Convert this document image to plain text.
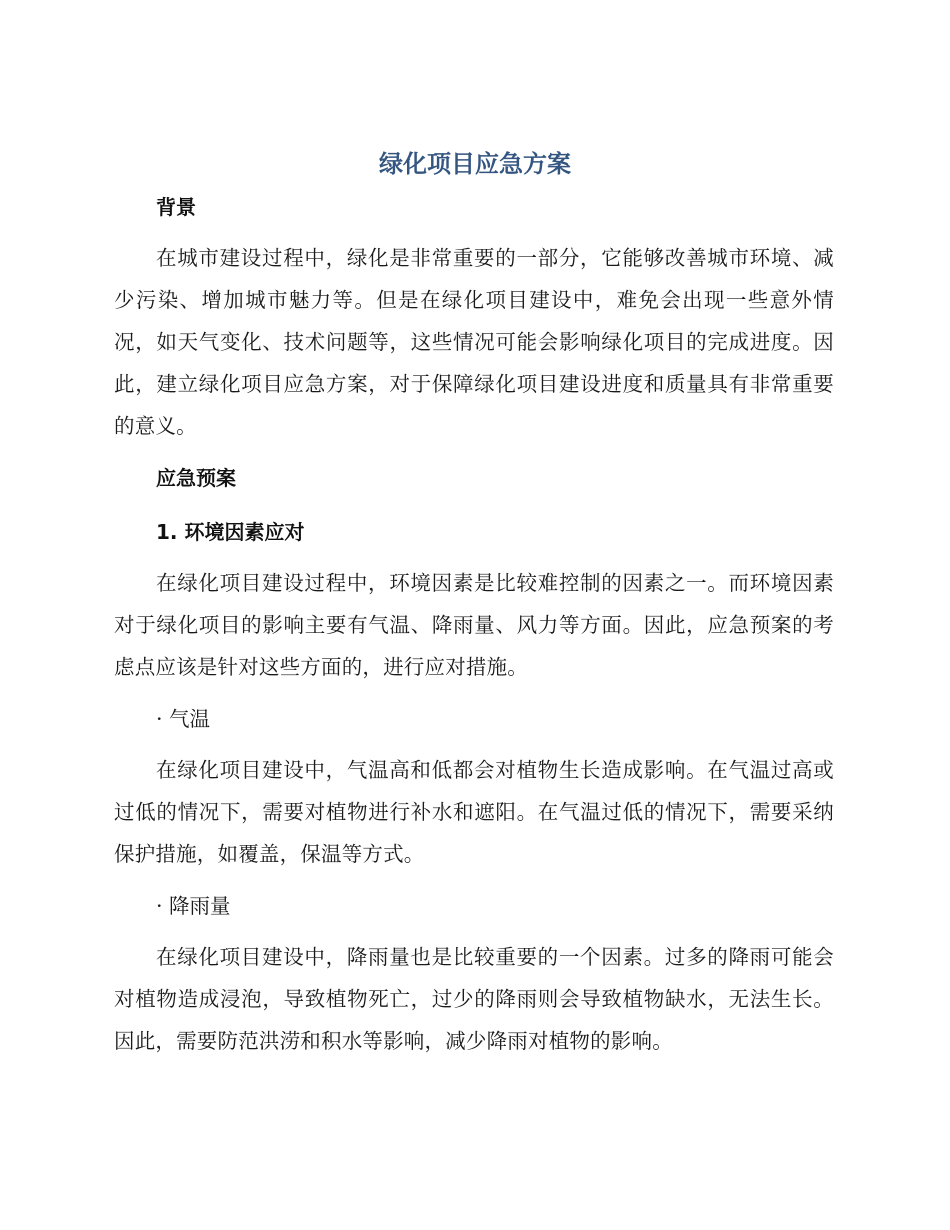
绿化项目应急方案
背景

在城市建设过程中，绿化是非常重要的一部分，它能够改善城市环境、减少污染、增加城市魅力等。但是在绿化项目建设中，难免会出现一些意外情况，如天气变化、技术问题等，这些情况可能会影响绿化项目的完成进度。因此，建立绿化项目应急方案，对于保障绿化项目建设进度和质量具有非常重要的意义。

应急预案
1. 环境因素应对

在绿化项目建设过程中，环境因素是比较难控制的因素之一。而环境因素对于绿化项目的影响主要有气温、降雨量、风力等方面。因此，应急预案的考虑点应该是针对这些方面的，进行应对措施。

· 气温

在绿化项目建设中，气温高和低都会对植物生长造成影响。在气温过高或过低的情况下，需要对植物进行补水和遮阳。在气温过低的情况下，需要采纳保护措施，如覆盖，保温等方式。

· 降雨量

在绿化项目建设中，降雨量也是比较重要的一个因素。过多的降雨可能会对植物造成浸泡，导致植物死亡，过少的降雨则会导致植物缺水，无法生长。因此，需要防范洪涝和积水等影响，减少降雨对植物的影响。
